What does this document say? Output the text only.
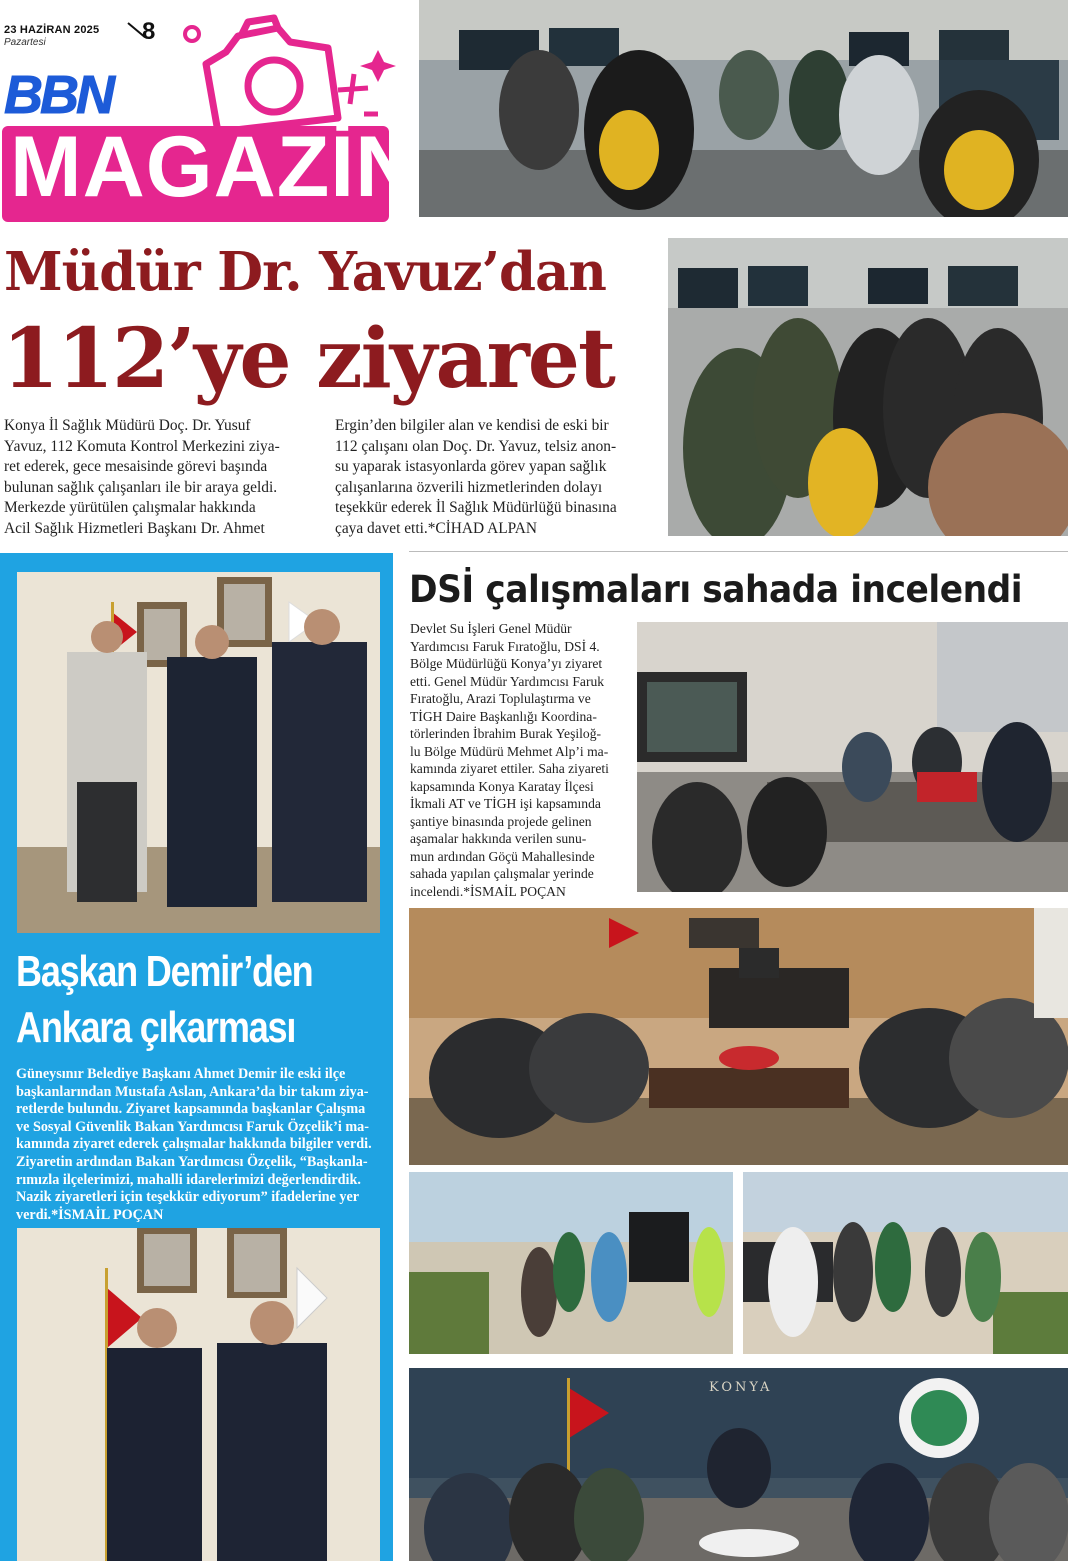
23 HAZİRAN 2025
Pazartesi	8
BBN
MAGAZİN
KONYA
Müdür Dr. Yavuz’dan
112’ye ziyaret
Konya İl Sağlık Müdürü Doç. Dr. Yusuf
Yavuz, 112 Komuta Kontrol Merkezini ziya-
ret ederek, gece mesaisinde görevi başında
bulunan sağlık çalışanları ile bir araya geldi.
Merkezde yürütülen çalışmalar hakkında
Acil Sağlık Hizmetleri Başkanı Dr. Ahmet
Ergin’den bilgiler alan ve kendisi de eski bir
112 çalışanı olan Doç. Dr. Yavuz, telsiz anon-
su yaparak istasyonlarda görev yapan sağlık
çalışanlarına özverili hizmetlerinden dolayı
teşekkür ederek İl Sağlık Müdürlüğü binasına
çaya davet etti.*CİHAD ALPAN
DSİ çalışmaları sahada incelendi
Devlet Su İşleri Genel Müdür
Yardımcısı Faruk Fıratoğlu, DSİ 4.
Bölge Müdürlüğü Konya’yı ziyaret
etti. Genel Müdür Yardımcısı Faruk
Fıratoğlu, Arazi Toplulaştırma ve
TİGH Daire Başkanlığı Koordina-
törlerinden İbrahim Burak Yeşiloğ-
lu Bölge Müdürü Mehmet Alp’i ma-
kamında ziyaret ettiler. Saha ziyareti
kapsamında Konya Karatay İlçesi
İkmali AT ve TİGH işi kapsamında
şantiye binasında projede gelinen
aşamalar hakkında verilen sunu-
mun ardından Göçü Mahallesinde
sahada yapılan çalışmalar yerinde
incelendi.*İSMAİL POÇAN
Başkan Demir’den
Ankara çıkarması
Güneysınır Belediye Başkanı Ahmet Demir ile eski ilçe
başkanlarından Mustafa Aslan, Ankara’da bir takım ziya-
retlerde bulundu. Ziyaret kapsamında başkanlar Çalışma
ve Sosyal Güvenlik Bakan Yardımcısı Faruk Özçelik’i ma-
kamında ziyaret ederek çalışmalar hakkında bilgiler verdi.
Ziyaretin ardından Bakan Yardımcısı Özçelik, “Başkanla-
rımızla ilçelerimizi, mahalli idarelerimizi değerlendirdik.
Nazik ziyaretleri için teşekkür ediyorum” ifadelerine yer
verdi.*İSMAİL POÇAN
